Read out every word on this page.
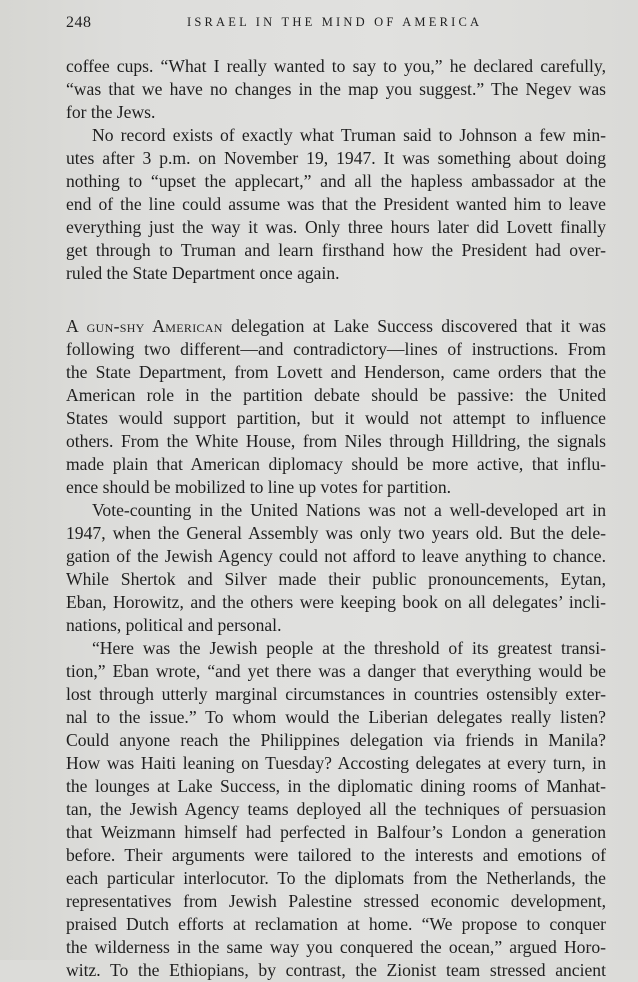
248	ISRAEL IN THE MIND OF AMERICA
coffee cups. “What I really wanted to say to you,” he declared carefully,
“was that we have no changes in the map you suggest.” The Negev was
for the Jews.
No record exists of exactly what Truman said to Johnson a few min-
utes after 3 p.m. on November 19, 1947. It was something about doing
nothing to “upset the applecart,” and all the hapless ambassador at the
end of the line could assume was that the President wanted him to leave
everything just the way it was. Only three hours later did Lovett finally
get through to Truman and learn firsthand how the President had over-
ruled the State Department once again.
A gun-shy American delegation at Lake Success discovered that it was
following two different—and contradictory—lines of instructions. From
the State Department, from Lovett and Henderson, came orders that the
American role in the partition debate should be passive: the United
States would support partition, but it would not attempt to influence
others. From the White House, from Niles through Hilldring, the signals
made plain that American diplomacy should be more active, that influ-
ence should be mobilized to line up votes for partition.
Vote-counting in the United Nations was not a well-developed art in
1947, when the General Assembly was only two years old. But the dele-
gation of the Jewish Agency could not afford to leave anything to chance.
While Shertok and Silver made their public pronouncements, Eytan,
Eban, Horowitz, and the others were keeping book on all delegates’ incli-
nations, political and personal.
“Here was the Jewish people at the threshold of its greatest transi-
tion,” Eban wrote, “and yet there was a danger that everything would be
lost through utterly marginal circumstances in countries ostensibly exter-
nal to the issue.” To whom would the Liberian delegates really listen?
Could anyone reach the Philippines delegation via friends in Manila?
How was Haiti leaning on Tuesday? Accosting delegates at every turn, in
the lounges at Lake Success, in the diplomatic dining rooms of Manhat-
tan, the Jewish Agency teams deployed all the techniques of persuasion
that Weizmann himself had perfected in Balfour’s London a generation
before. Their arguments were tailored to the interests and emotions of
each particular interlocutor. To the diplomats from the Netherlands, the
representatives from Jewish Palestine stressed economic development,
praised Dutch efforts at reclamation at home. “We propose to conquer
the wilderness in the same way you conquered the ocean,” argued Horo-
witz. To the Ethiopians, by contrast, the Zionist team stressed ancient
